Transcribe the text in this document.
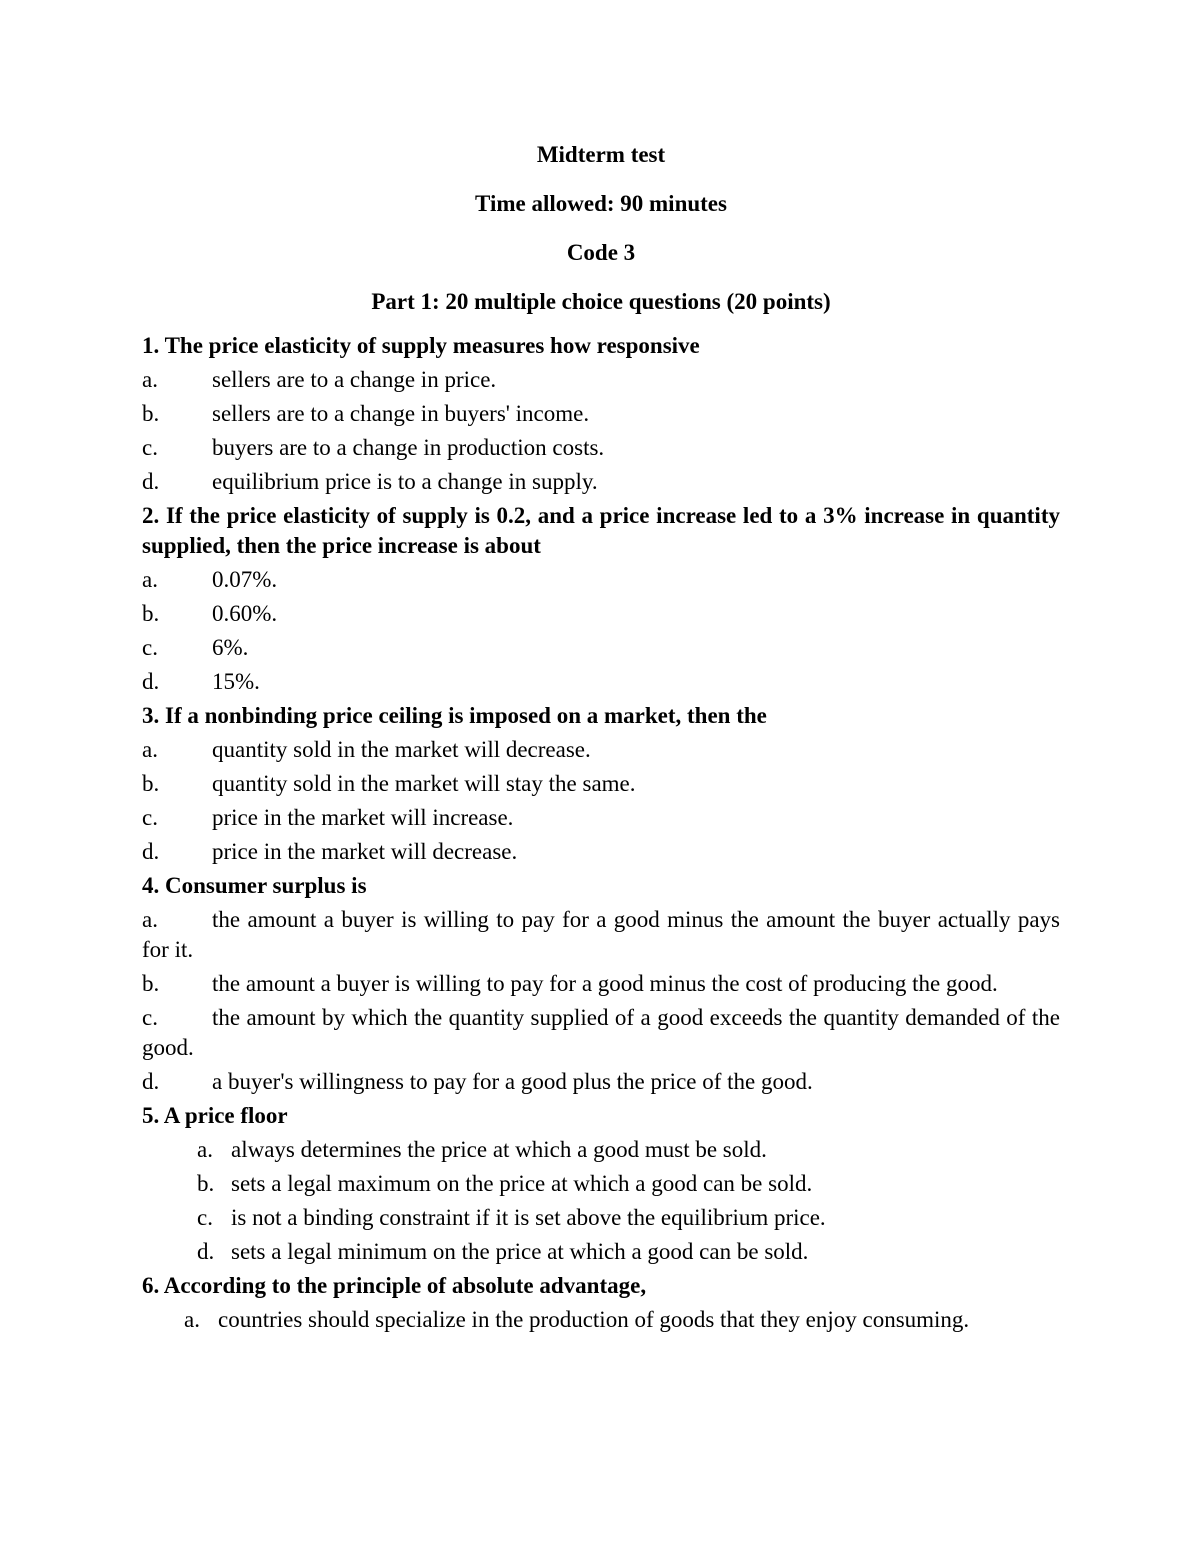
Midterm test
Time allowed: 90 minutes
Code 3
Part 1: 20 multiple choice questions (20 points)
1. The price elasticity of supply measures how responsive
a.	sellers are to a change in price.
b.	sellers are to a change in buyers' income.
c.	buyers are to a change in production costs.
d.	equilibrium price is to a change in supply.
2. If the price elasticity of supply is 0.2, and a price increase led to a 3% increase in quantity supplied, then the price increase is about
a.	0.07%.
b.	0.60%.
c.	6%.
d.	15%.
3. If a nonbinding price ceiling is imposed on a market, then the
a.	quantity sold in the market will decrease.
b.	quantity sold in the market will stay the same.
c.	price in the market will increase.
d.	price in the market will decrease.
4. Consumer surplus is
a. the amount a buyer is willing to pay for a good minus the amount the buyer actually pays for it.
b. the amount a buyer is willing to pay for a good minus the cost of producing the good.
c. the amount by which the quantity supplied of a good exceeds the quantity demanded of the good.
d.	a buyer's willingness to pay for a good plus the price of the good.
5. A price floor
a. always determines the price at which a good must be sold.
b. sets a legal maximum on the price at which a good can be sold.
c. is not a binding constraint if it is set above the equilibrium price.
d. sets a legal minimum on the price at which a good can be sold.
6. According to the principle of absolute advantage,
a. countries should specialize in the production of goods that they enjoy consuming.
